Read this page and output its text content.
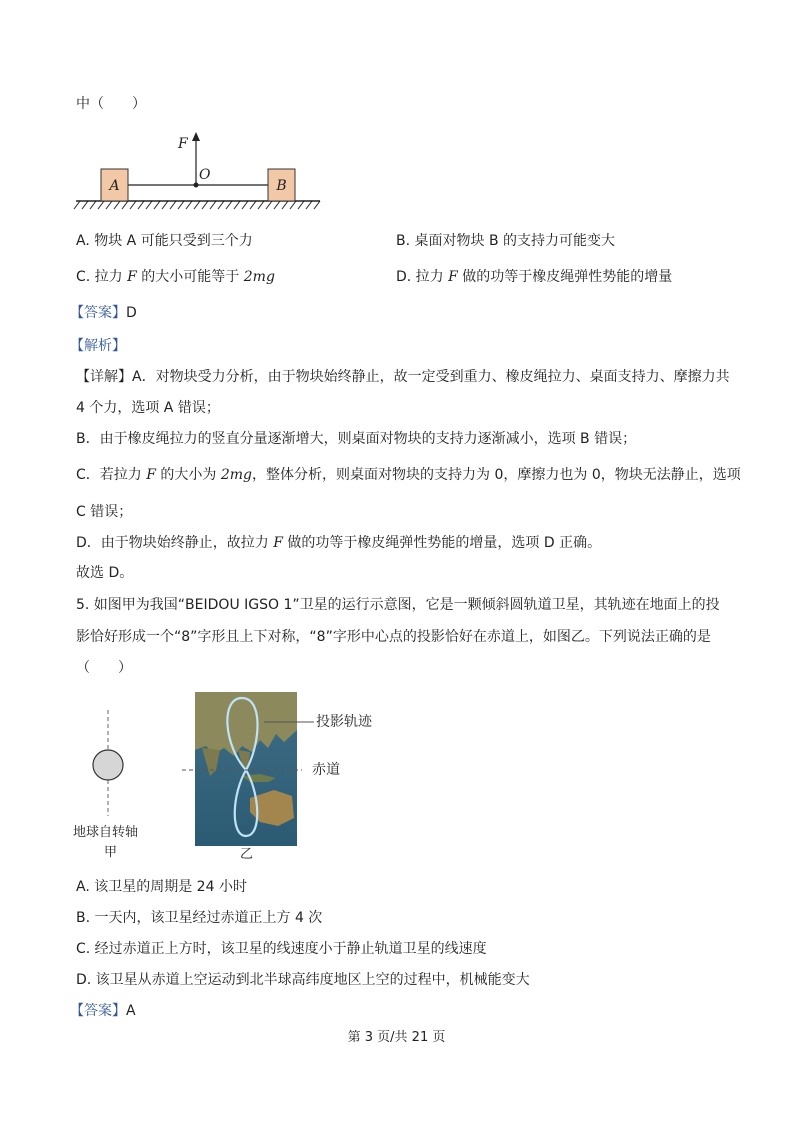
中（　　）
A	B
F
O
A. 物块 A 可能只受到三个力	B. 桌面对物块 B 的支持力可能变大
C. 拉力 F 的大小可能等于 2mg	D. 拉力 F 做的功等于橡皮绳弹性势能的增量
【答案】D
【解析】
【详解】A．对物块受力分析，由于物块始终静止，故一定受到重力、橡皮绳拉力、桌面支持力、摩擦力共
4 个力，选项 A 错误；
B．由于橡皮绳拉力的竖直分量逐渐增大，则桌面对物块的支持力逐渐减小，选项 B 错误；
C．若拉力 F 的大小为 2mg，整体分析，则桌面对物块的支持力为 0，摩擦力也为 0，物块无法静止，选项
C 错误；
D．由于物块始终静止，故拉力 F 做的功等于橡皮绳弹性势能的增量，选项 D 正确。
故选 D。
5. 如图甲为我国“BEIDOU IGSO 1”卫星的运行示意图，它是一颗倾斜圆轨道卫星，其轨迹在地面上的投
影恰好形成一个“8”字形且上下对称，“8”字形中心点的投影恰好在赤道上，如图乙。下列说法正确的是
（　　）
地球自转轴
甲
投影轨迹
赤道
乙
A. 该卫星的周期是 24 小时
B. 一天内，该卫星经过赤道正上方 4 次
C. 经过赤道正上方时，该卫星的线速度小于静止轨道卫星的线速度
D. 该卫星从赤道上空运动到北半球高纬度地区上空的过程中，机械能变大
【答案】A
第 3 页/共 21 页
